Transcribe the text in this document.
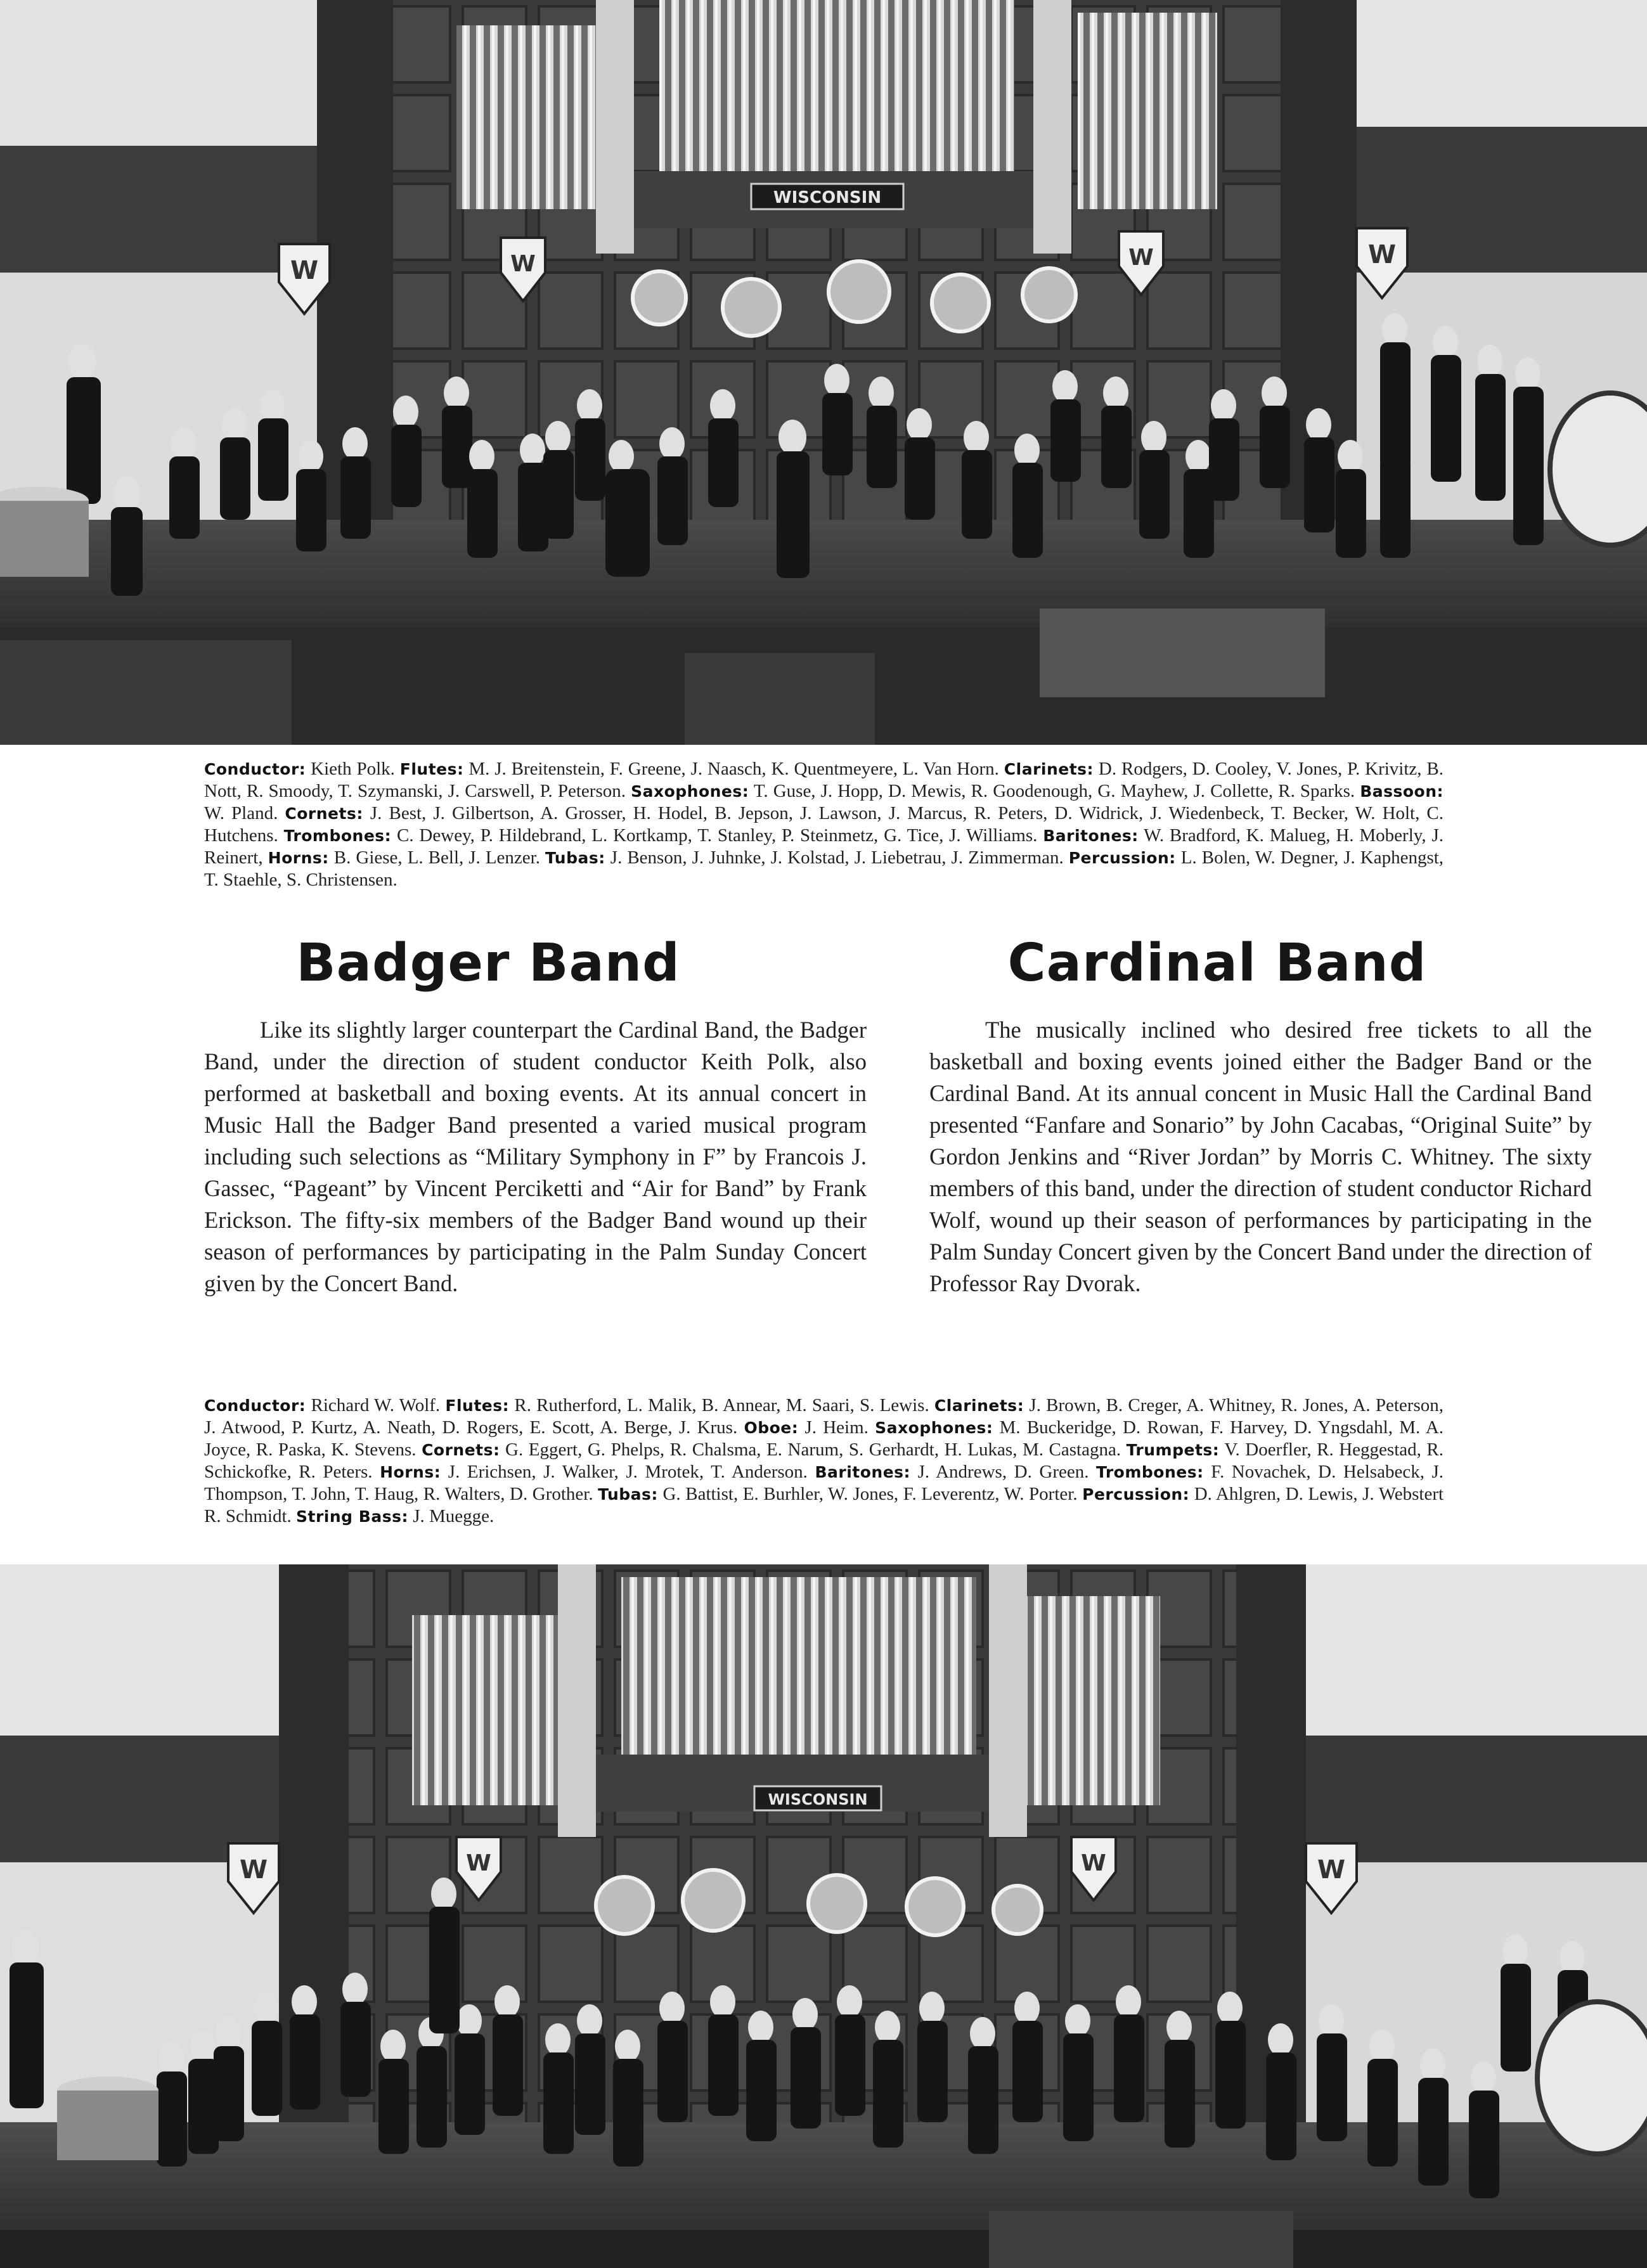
WISCONSIN
W	W	W	W

Conductor: Kieth Polk. Flutes: M. J. Breitenstein, F. Greene, J. Naasch, K. Quentmeyere, L. Van Horn. Clarinets: D. Rodgers, D. Cooley, V. Jones, P. Krivitz, B. Nott, R. Smoody, T. Szymanski, J. Carswell, P. Peterson. Saxophones: T. Guse, J. Hopp, D. Mewis, R. Goodenough, G. Mayhew, J. Collette, R. Sparks. Bassoon: W. Pland. Cornets: J. Best, J. Gilbertson, A. Grosser, H. Hodel, B. Jepson, J. Lawson, J. Marcus, R. Peters, D. Widrick, J. Wiedenbeck, T. Becker, W. Holt, C. Hutchens. Trombones: C. Dewey, P. Hildebrand, L. Kortkamp, T. Stanley, P. Steinmetz, G. Tice, J. Williams. Baritones: W. Bradford, K. Malueg, H. Moberly, J. Reinert, Horns: B. Giese, L. Bell, J. Lenzer. Tubas: J. Benson, J. Juhnke, J. Kolstad, J. Liebetrau, J. Zimmerman. Percussion: L. Bolen, W. Degner, J. Kaphengst, T. Staehle, S. Christensen.

Badger Band	Cardinal Band

Like its slightly larger counterpart the Cardinal Band, the Badger Band, under the direction of student conductor Keith Polk, also performed at basketball and boxing events. At its annual concert in Music Hall the Badger Band presented a varied musical program including such selections as “Military Symphony in F” by Francois J. Gassec, “Pageant” by Vincent Perciketti and “Air for Band” by Frank Erickson. The fifty-six members of the Badger Band wound up their season of performances by participating in the Palm Sunday Concert given by the Concert Band.

The musically inclined who desired free tickets to all the basketball and boxing events joined either the Badger Band or the Cardinal Band. At its annual concent in Music Hall the Cardinal Band presented “Fanfare and Sonario” by John Cacabas, “Original Suite” by Gordon Jenkins and “River Jordan” by Morris C. Whitney. The sixty members of this band, under the direction of student conductor Richard Wolf, wound up their season of performances by participating in the Palm Sunday Concert given by the Concert Band under the direction of Professor Ray Dvorak.

Conductor: Richard W. Wolf. Flutes: R. Rutherford, L. Malik, B. Annear, M. Saari, S. Lewis. Clarinets: J. Brown, B. Creger, A. Whitney, R. Jones, A. Peterson, J. Atwood, P. Kurtz, A. Neath, D. Rogers, E. Scott, A. Berge, J. Krus. Oboe: J. Heim. Saxophones: M. Buckeridge, D. Rowan, F. Harvey, D. Yngsdahl, M. A. Joyce, R. Paska, K. Stevens. Cornets: G. Eggert, G. Phelps, R. Chalsma, E. Narum, S. Gerhardt, H. Lukas, M. Castagna. Trumpets: V. Doerfler, R. Heggestad, R. Schickofke, R. Peters. Horns: J. Erichsen, J. Walker, J. Mrotek, T. Anderson. Baritones: J. Andrews, D. Green. Trombones: F. Novachek, D. Helsabeck, J. Thompson, T. John, T. Haug, R. Walters, D. Grother. Tubas: G. Battist, E. Burhler, W. Jones, F. Leverentz, W. Porter. Percussion: D. Ahlgren, D. Lewis, J. Webstert R. Schmidt. String Bass: J. Muegge.

WISCONSIN
W	W	W	W
